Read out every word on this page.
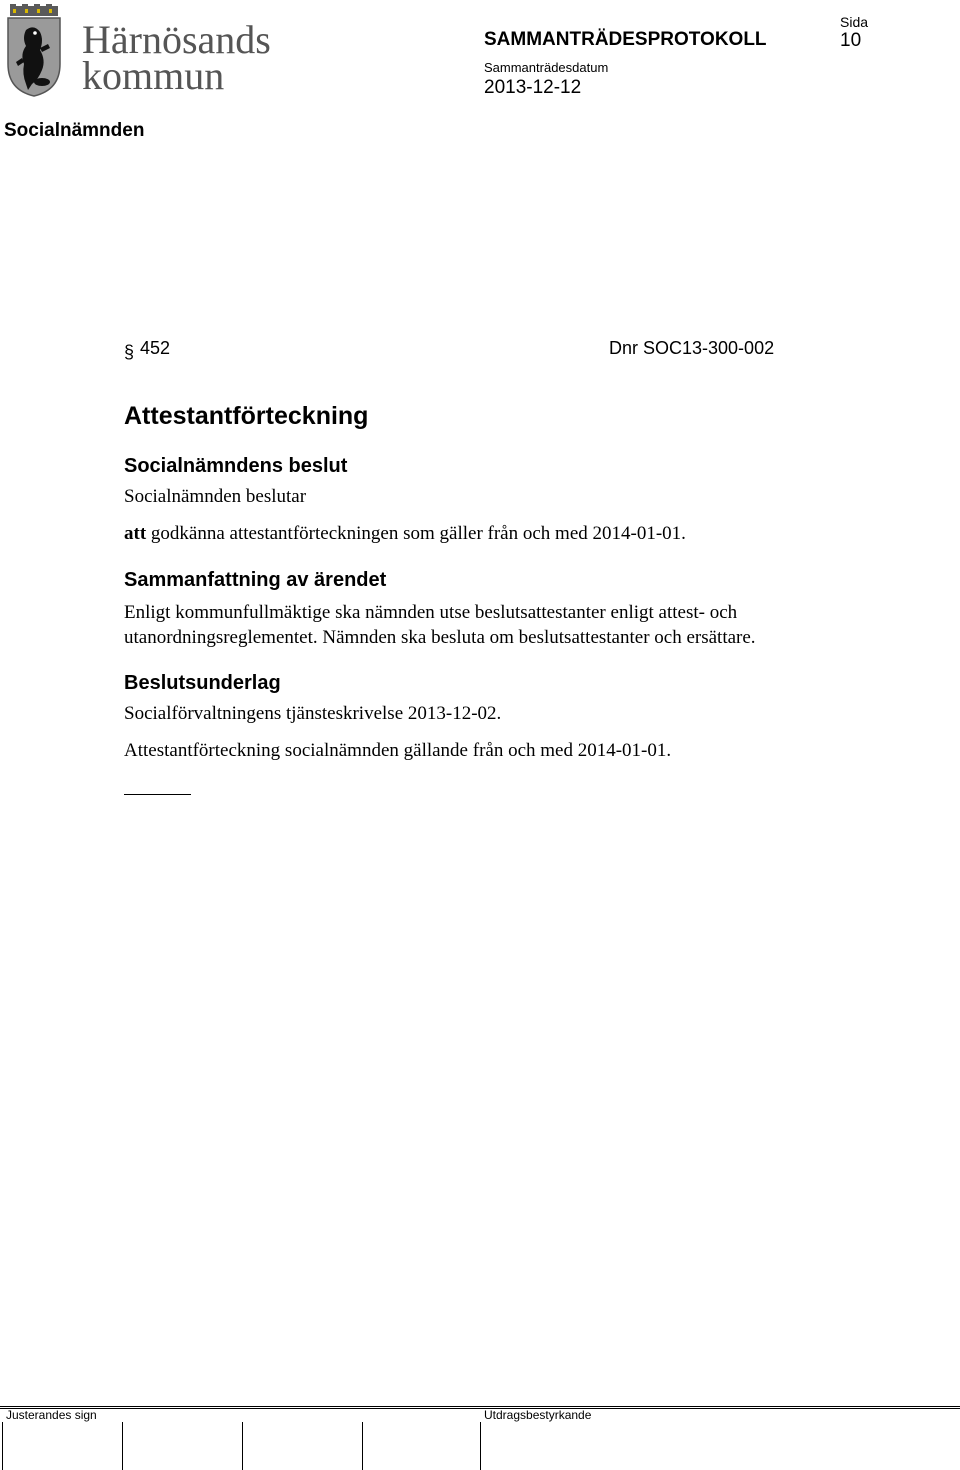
Härnösands
kommun
SAMMANTRÄDESPROTOKOLL
Sida
10
Sammanträdesdatum
2013-12-12
Socialnämnden
§ 452	Dnr SOC13-300-002
Attestantförteckning
Socialnämndens beslut
Socialnämnden beslutar
att godkänna attestantförteckningen som gäller från och med 2014-01-01.
Sammanfattning av ärendet
Enligt kommunfullmäktige ska nämnden utse beslutsattestanter enligt attest- och
utanordningsreglementet. Nämnden ska besluta om beslutsattestanter och ersättare.
Beslutsunderlag
Socialförvaltningens tjänsteskrivelse 2013-12-02.
Attestantförteckning socialnämnden gällande från och med 2014-01-01.
Justerandes sign	Utdragsbestyrkande
